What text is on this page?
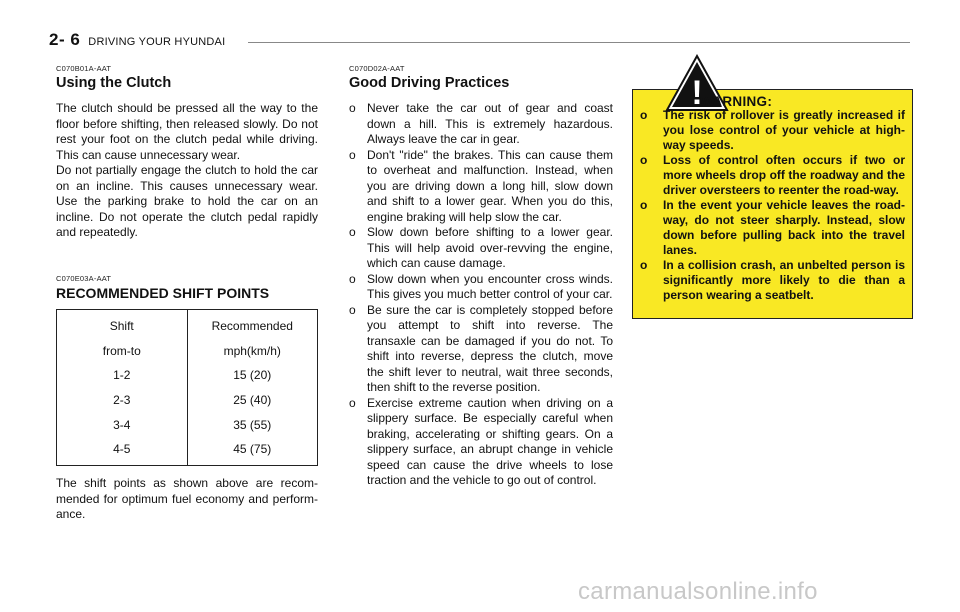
2- 6 DRIVING YOUR HYUNDAI
C070B01A-AAT
Using the Clutch

The clutch should be pressed all the way to the floor before shifting, then released slowly. Do not rest your foot on the clutch pedal while driving. This can cause unnecessary wear.

Do not partially engage the clutch to hold the car on an incline. This causes unnecessary wear. Use the parking brake to hold the car on an incline. Do not operate the clutch pedal rapidly and repeatedly.

C070E03A-AAT
RECOMMENDED SHIFT POINTS
Shift
from-to
1-2
2-3
3-4
4-5
Recommended
mph(km/h)
15 (20)
25 (40)
35 (55)
45 (75)

The shift points as shown above are recom-mended for optimum fuel economy and perform-ance.

C070D02A-AAT
Good Driving Practices
o Never take the car out of gear and coast down a hill. This is extremely hazardous. Always leave the car in gear.
o Don't "ride" the brakes. This can cause them to overheat and malfunction. Instead, when you are driving down a long hill, slow down and shift to a lower gear. When you do this, engine braking will help slow the car.
o Slow down before shifting to a lower gear. This will help avoid over-revving the engine, which can cause damage.
o Slow down when you encounter cross winds. This gives you much better control of your car.
o Be sure the car is completely stopped before you attempt to shift into reverse. The transaxle can be damaged if you do not. To shift into reverse, depress the clutch, move the shift lever to neutral, wait three seconds, then shift to the reverse position.
o Exercise extreme caution when driving on a slippery surface. Be especially careful when braking, accelerating or shifting gears. On a slippery surface, an abrupt change in vehicle speed can cause the drive wheels to lose traction and the vehicle to go out of control.
!
WARNING:
o The risk of rollover is greatly increased if you lose control of your vehicle at high-way speeds.
o Loss of control often occurs if two or more wheels drop off the roadway and the driver oversteers to reenter the road-way.
o In the event your vehicle leaves the road-way, do not steer sharply. Instead, slow down before pulling back into the travel lanes.
o In a collision crash, an unbelted person is significantly more likely to die than a person wearing a seatbelt.
carmanualsonline.info
